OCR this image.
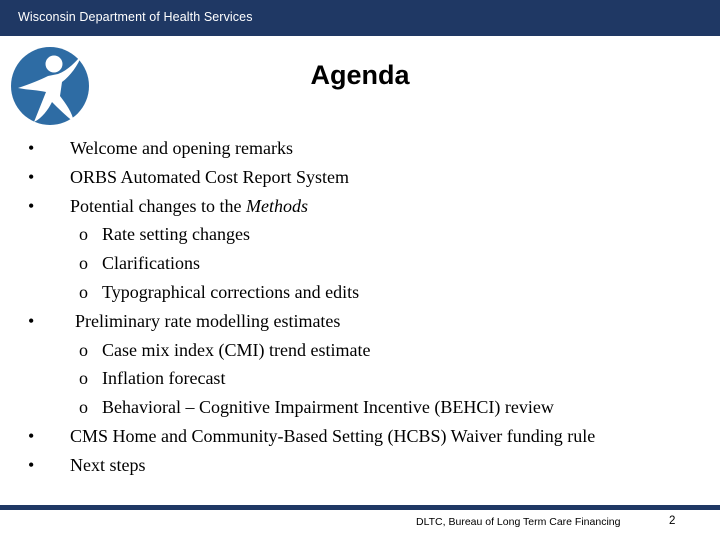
Wisconsin Department of Health Services
Agenda
• Welcome and opening remarks
• ORBS Automated Cost Report System
• Potential changes to the Methods
o Rate setting changes
o Clarifications
o Typographical corrections and edits
• Preliminary rate modelling estimates
o Case mix index (CMI) trend estimate
o Inflation forecast
o Behavioral – Cognitive Impairment Incentive (BEHCI) review
• CMS Home and Community-Based Setting (HCBS) Waiver funding rule
• Next steps
DLTC, Bureau of Long Term Care Financing	2
